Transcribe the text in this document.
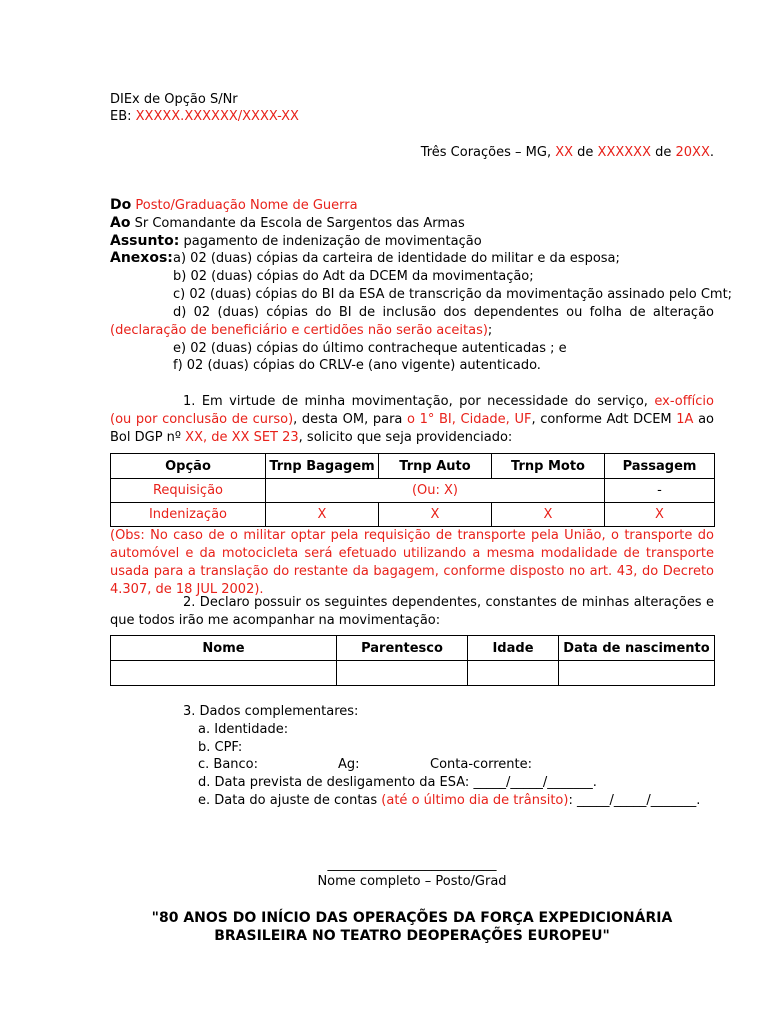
DIEx de Opção S/Nr
EB: XXXXX.XXXXXX/XXXX-XX
Três Corações – MG, XX de XXXXXX de 20XX.
Do Posto/Graduação Nome de Guerra
Ao Sr Comandante da Escola de Sargentos das Armas
Assunto: pagamento de indenização de movimentação
Anexos: a) 02 (duas) cópias da carteira de identidade do militar e da esposa;
b) 02 (duas) cópias do Adt da DCEM da movimentação;
c) 02 (duas) cópias do BI da ESA de transcrição da movimentação assinado pelo Cmt;
d) 02 (duas) cópias do BI de inclusão dos dependentes ou folha de alteração (declaração de beneficiário e certidões não serão aceitas);
e) 02 (duas) cópias do último contracheque autenticadas ; e
f) 02 (duas) cópias do CRLV-e (ano vigente) autenticado.
1. Em virtude de minha movimentação, por necessidade do serviço, ex-offício (ou por conclusão de curso), desta OM, para o 1° BI, Cidade, UF, conforme Adt DCEM 1A ao Bol DGP nº XX, de XX SET 23, solicito que seja providenciado:
Opção	Trnp Bagagem	Trnp Auto	Trnp Moto	Passagem
Requisição	(Ou: X)			-
Indenização	X	X	X	X
(Obs: No caso de o militar optar pela requisição de transporte pela União, o transporte do automóvel e da motocicleta será efetuado utilizando a mesma modalidade de transporte usada para a translação do restante da bagagem, conforme disposto no art. 43, do Decreto 4.307, de 18 JUL 2002).
2. Declaro possuir os seguintes dependentes, constantes de minhas alterações e que todos irão me acompanhar na movimentação:
Nome	Parentesco	Idade	Data de nascimento

3. Dados complementares:
a. Identidade:
b. CPF:
c. Banco:	Ag:	Conta-corrente:
d. Data prevista de desligamento da ESA: _____/_____/_______.
e. Data do ajuste de contas (até o último dia de trânsito): _____/_____/_______.
__________________________
Nome completo – Posto/Grad
"80 ANOS DO INÍCIO DAS OPERAÇÕES DA FORÇA EXPEDICIONÁRIA BRASILEIRA NO TEATRO DEOPERAÇÕES EUROPEU"
